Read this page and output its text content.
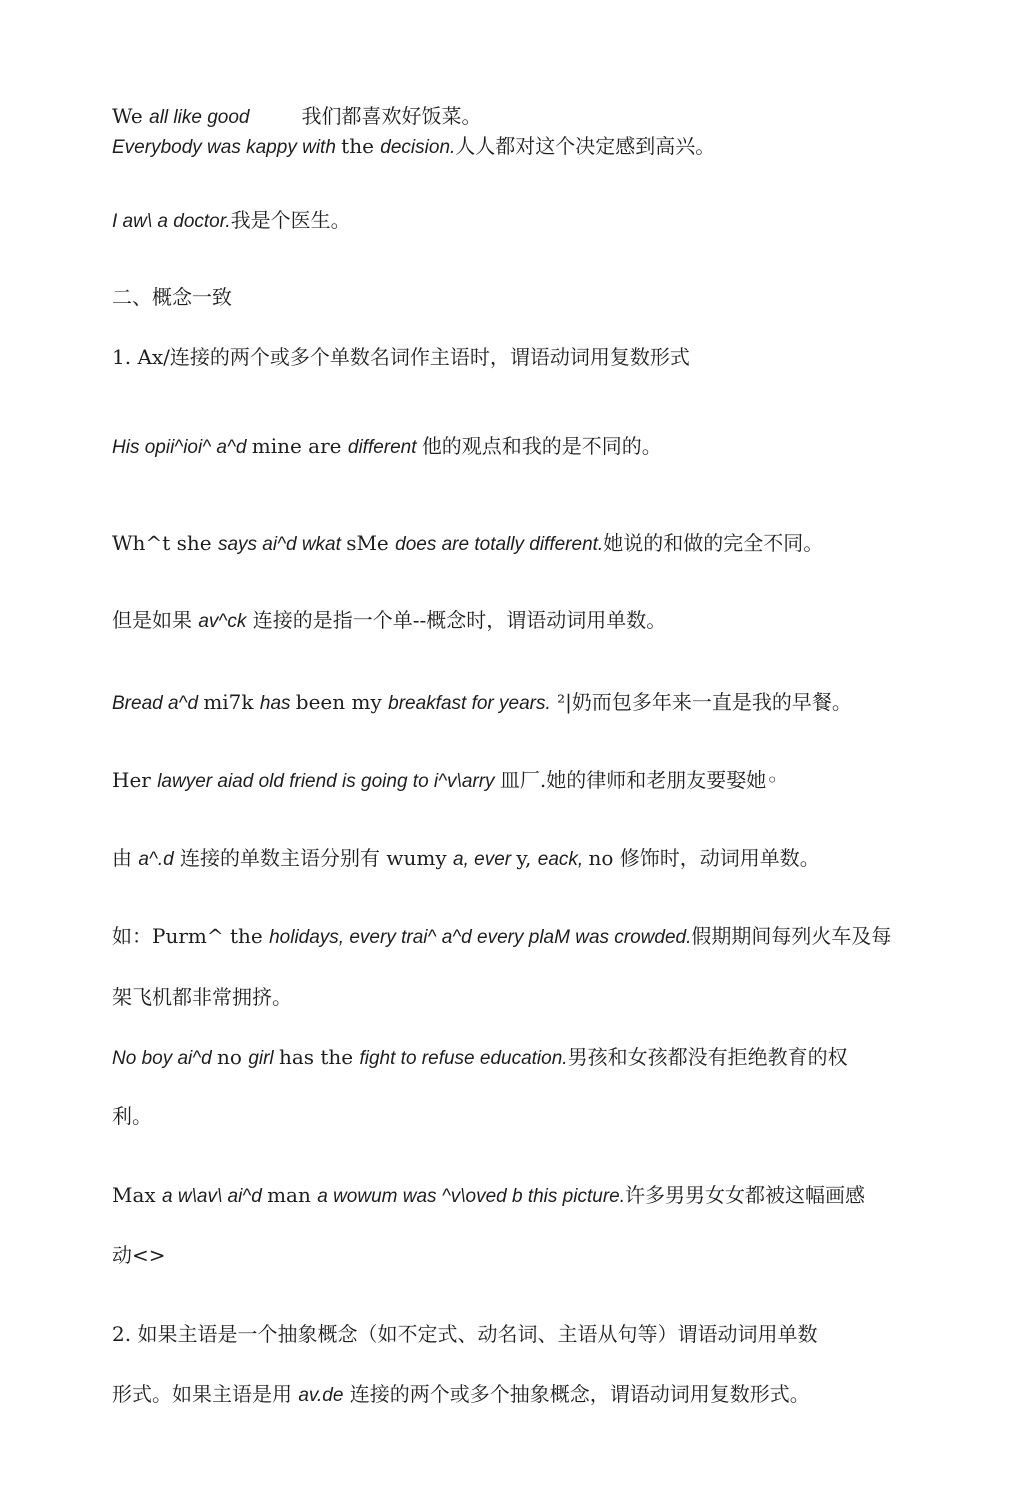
We all like good	我们都喜欢好饭菜。
Everybody was kappy with the decision.人人都对这个决定感到高兴。
I aw\ a doctor.我是个医生。
二、概念一致
1. Ax/连接的两个或多个单数名词作主语时，谓语动词用复数形式
His opii^ioi^ a^d mine are different 他的观点和我的是不同的。
Wh^t she says ai^d wkat sMe does are totally different.她说的和做的完全不同。
但是如果 av^ck 连接的是指一个单--概念时，谓语动词用单数。
Bread a^d mi7k has been my breakfast for years. ²|奶而包多年来一直是我的早餐。
Her lawyer aiad old friend is going to i^v\arry 皿厂.她的律师和老朋友要娶她◦
由 a^.d 连接的单数主语分别有 wumy a, ever y, eack, no 修饰时，动词用单数。
如：Purm^ the holidays, every trai^ a^d every plaM was crowded.假期期间每列火车及每
架飞机都非常拥挤。
No boy ai^d no girl has the fight to refuse education.男孩和女孩都没有拒绝教育的权
利。
Max a w\av\ ai^d man a wowum was ^v\oved b this picture.许多男男女女都被这幅画感
动<>
2. 如果主语是一个抽象概念（如不定式、动名词、主语从句等）谓语动词用单数
形式。如果主语是用 av.de 连接的两个或多个抽象概念，谓语动词用复数形式。
